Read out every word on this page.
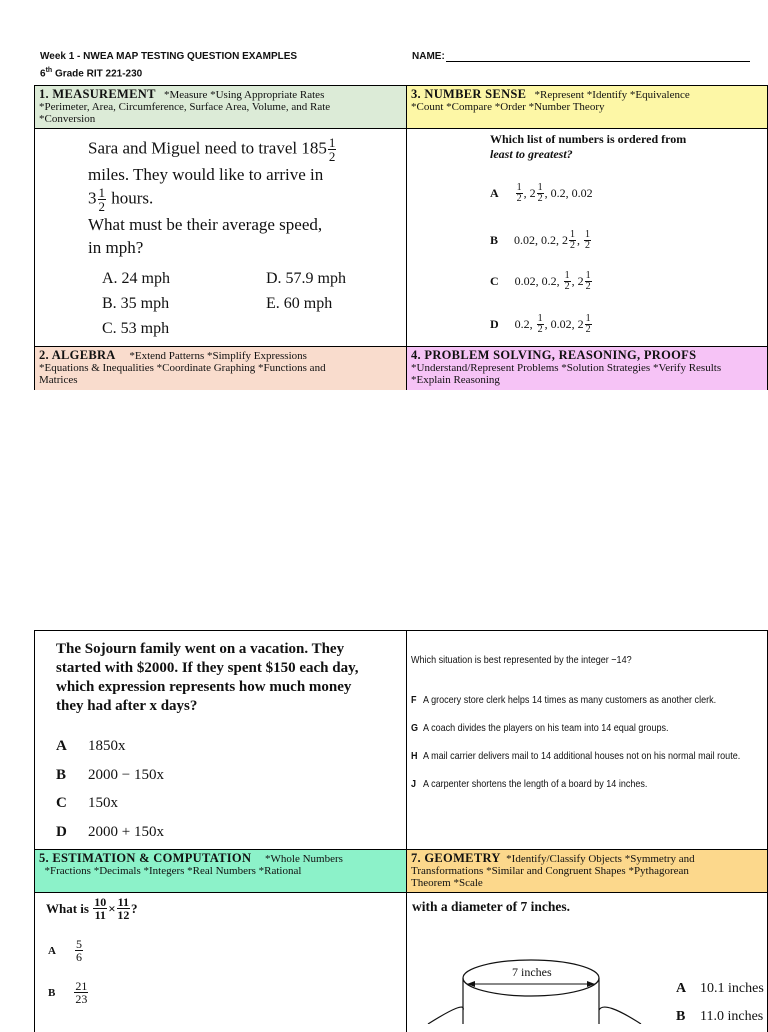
Week 1 - NWEA MAP TESTING QUESTION EXAMPLES
6th Grade RIT 221-230
NAME:
1. MEASUREMENT *Measure *Using Appropriate Rates
*Perimeter, Area, Circumference, Surface Area, Volume, and Rate
*Conversion
3. NUMBER SENSE *Represent *Identify *Equivalence
*Count *Compare *Order *Number Theory
2. ALGEBRA *Extend Patterns *Simplify Expressions
*Equations & Inequalities *Coordinate Graphing *Functions and
Matrices
4. PROBLEM SOLVING, REASONING, PROOFS
*Understand/Represent Problems *Solution Strategies *Verify Results
*Explain Reasoning
Sara and Miguel need to travel $185 \frac{1}{2}$
miles. They would like to arrive in
$3 \frac{1}{2}$ hours.
What must be their average speed,
in mph?
A. 24 mph
B. 35 mph
C. 53 mph
D. 57.9 mph
E. 60 mph
Which list of numbers is ordered from
least to greatest?
A $\frac{1}{2}$ ,
$2 \frac{1}{2}$ , 0.2, 0.02
B 0.02, 0.2,
$2 \frac{1}{2}$ ,
$\frac{1}{2}$
C 0.02, 0.2,
$\frac{1}{2}$ ,
$2 \frac{1}{2}$
D 0.2,
$\frac{1}{2}$ , 0.02,
$2 \frac{1}{2}$
5. ESTIMATION & COMPUTATION *Whole Numbers
*Fractions *Decimals *Integers *Real Numbers *Rational
7. GEOMETRY *Identify/Classify Objects *Symmetry and
Transformations *Similar and Congruent Shapes *Pythagorean
Theorem *Scale
The Sojourn family went on a vacation. They
started with $2000. If they spent $150 each day,
which expression represents how much money
they had after x days?
A 1850x
B 2000 − 150x
C 150x
D 2000 + 150x
Which situation is best represented by the integer −14?
F A grocery store clerk helps 14 times as many customers as another clerk.
G A coach divides the players on his team into 14 equal groups.
H A mail carrier delivers mail to 14 additional houses not on his normal mail route.
J A carpenter shortens the length of a board by 14 inches.
What is
$\frac{10}{11} \times \frac{11}{12}$ ?
A $\frac{5}{6}$
B $\frac{21}{23}$
with a diameter of 7 inches.
7 inches
A 10.1 inches
B 11.0 inches
